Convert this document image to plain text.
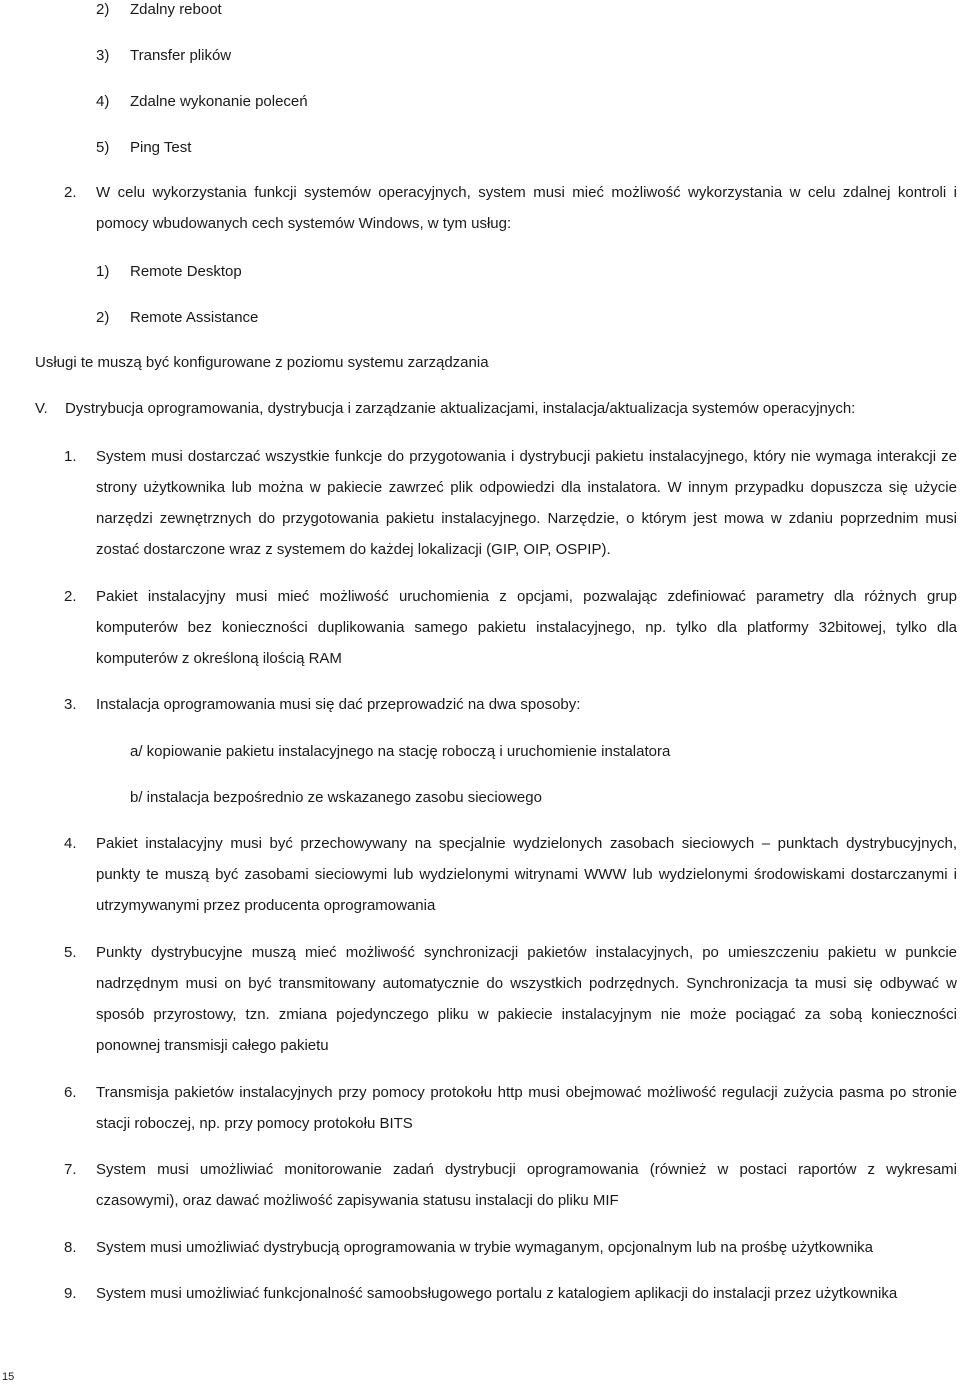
2) Zdalny reboot
3) Transfer plików
4) Zdalne wykonanie poleceń
5) Ping Test
2. W celu wykorzystania funkcji systemów operacyjnych, system musi mieć możliwość wykorzystania w celu zdalnej kontroli i
pomocy wbudowanych cech systemów Windows, w tym usług:
1) Remote Desktop
2) Remote Assistance
Usługi te muszą być konfigurowane z poziomu systemu zarządzania
V. Dystrybucja oprogramowania, dystrybucja i zarządzanie aktualizacjami, instalacja/aktualizacja systemów operacyjnych:
1. System musi dostarczać wszystkie funkcje do przygotowania i dystrybucji pakietu instalacyjnego, który nie wymaga interakcji ze
strony użytkownika lub można w pakiecie zawrzeć plik odpowiedzi dla instalatora. W innym przypadku dopuszcza się użycie
narzędzi zewnętrznych do przygotowania pakietu instalacyjnego. Narzędzie, o którym jest mowa w zdaniu poprzednim musi
zostać dostarczone wraz z systemem do każdej lokalizacji (GIP, OIP, OSPIP).
2. Pakiet instalacyjny musi mieć możliwość uruchomienia z opcjami, pozwalając zdefiniować parametry dla różnych grup
komputerów bez konieczności duplikowania samego pakietu instalacyjnego, np. tylko dla platformy 32bitowej, tylko dla
komputerów z określoną ilością RAM
3. Instalacja oprogramowania musi się dać przeprowadzić na dwa sposoby:
a/ kopiowanie pakietu instalacyjnego na stację roboczą i uruchomienie instalatora
b/ instalacja bezpośrednio ze wskazanego zasobu sieciowego
4. Pakiet instalacyjny musi być przechowywany na specjalnie wydzielonych zasobach sieciowych – punktach dystrybucyjnych,
punkty te muszą być zasobami sieciowymi lub wydzielonymi witrynami WWW lub wydzielonymi środowiskami dostarczanymi i
utrzymywanymi przez producenta oprogramowania
5. Punkty dystrybucyjne muszą mieć możliwość synchronizacji pakietów instalacyjnych, po umieszczeniu pakietu w punkcie
nadrzędnym musi on być transmitowany automatycznie do wszystkich podrzędnych. Synchronizacja ta musi się odbywać w
sposób przyrostowy, tzn. zmiana pojedynczego pliku w pakiecie instalacyjnym nie może pociągać za sobą konieczności
ponownej transmisji całego pakietu
6. Transmisja pakietów instalacyjnych przy pomocy protokołu http musi obejmować możliwość regulacji zużycia pasma po stronie
stacji roboczej, np. przy pomocy protokołu BITS
7. System musi umożliwiać monitorowanie zadań dystrybucji oprogramowania (również w postaci raportów z wykresami
czasowymi), oraz dawać możliwość zapisywania statusu instalacji do pliku MIF
8. System musi umożliwiać dystrybucją oprogramowania w trybie wymaganym, opcjonalnym lub na prośbę użytkownika
9. System musi umożliwiać funkcjonalność samoobsługowego portalu z katalogiem aplikacji do instalacji przez użytkownika
15
